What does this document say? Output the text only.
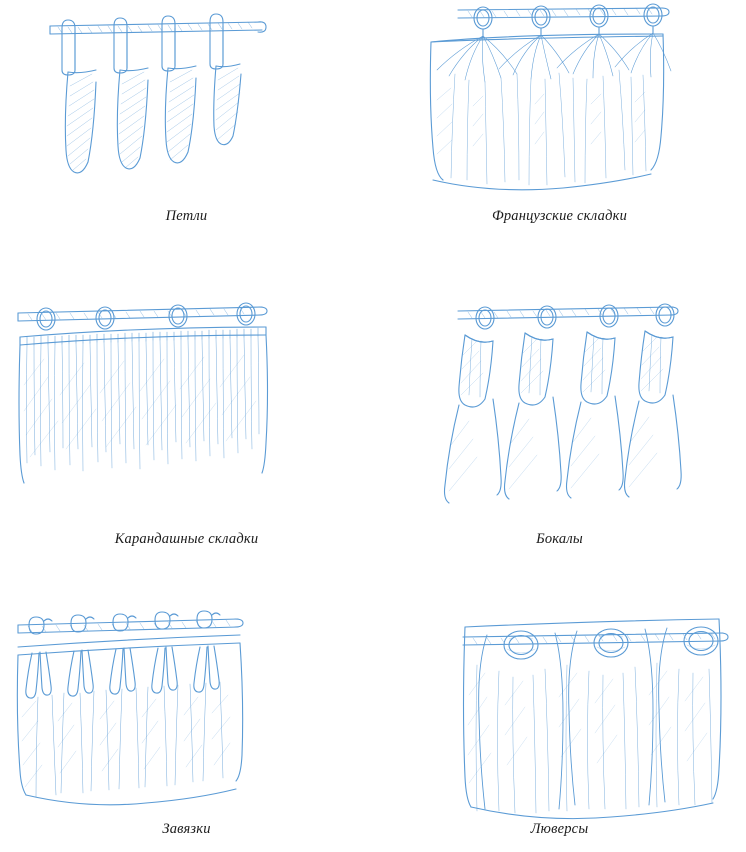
Петли	Французские складки
Карандашные складки	Бокалы
Завязки	Люверсы
